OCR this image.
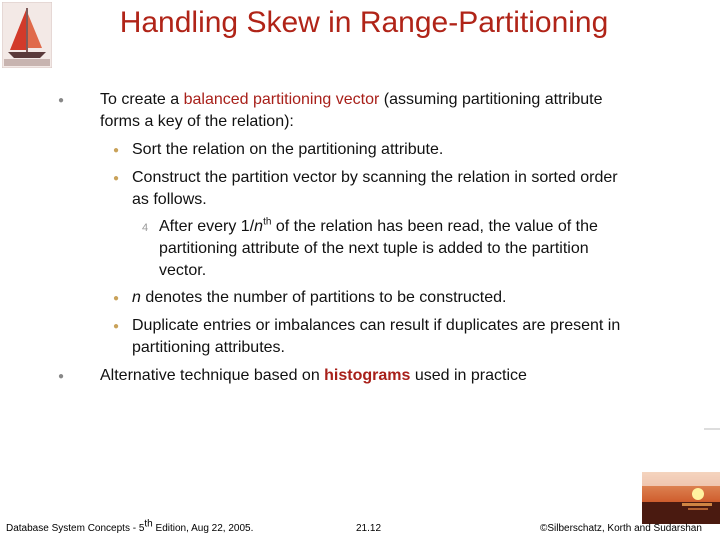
Handling Skew in Range-Partitioning
● To create a balanced partitioning vector (assuming partitioning attribute
forms a key of the relation):
● Sort the relation on the partitioning attribute.
● Construct the partition vector by scanning the relation in sorted order
as follows.
4 After every $1/n^{th}$ of the relation has been read, the value of the
partitioning attribute of the next tuple is added to the partition
vector.
● n denotes the number of partitions to be constructed.
● Duplicate entries or imbalances can result if duplicates are present in
partitioning attributes.
● Alternative technique based on histograms used in practice
Database System Concepts - 5th Edition, Aug 22, 2005.	21.12	©Silberschatz, Korth and Sudarshan
